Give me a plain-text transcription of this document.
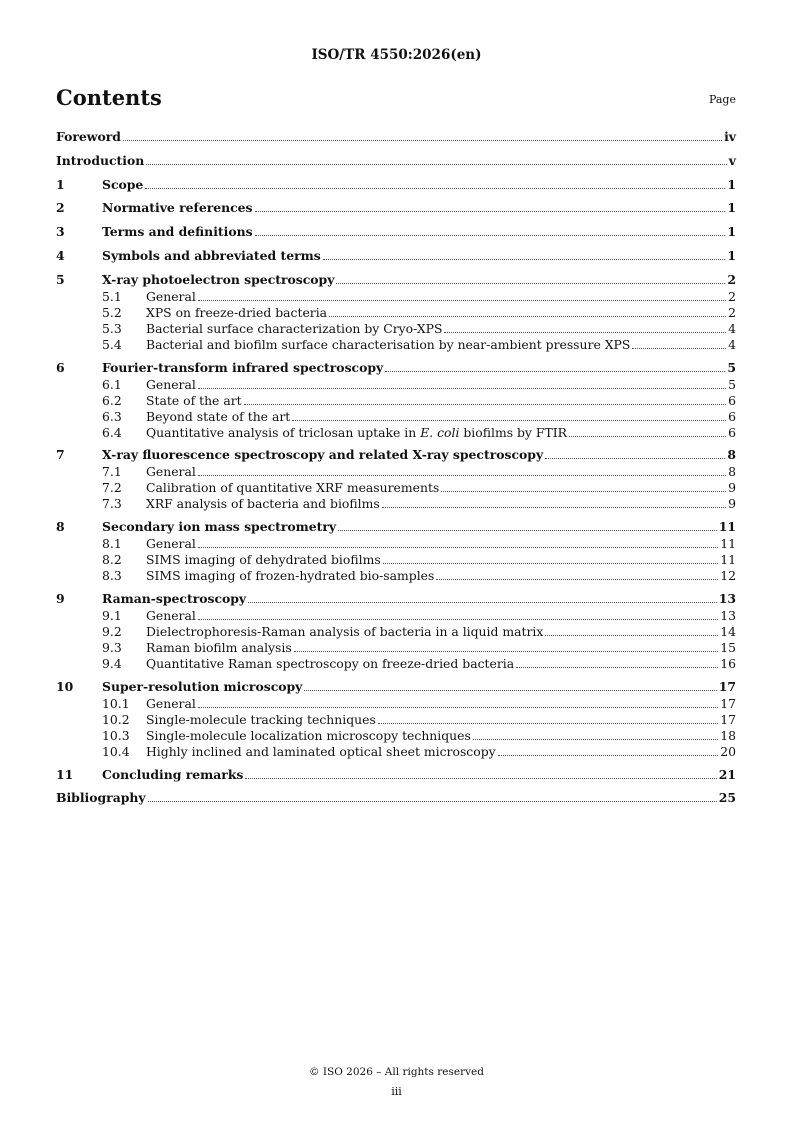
ISO/TR 4550:2026(en)
Contents	Page
Foreword	iv
Introduction	v
1	Scope	1
2	Normative references	1
3	Terms and definitions	1
4	Symbols and abbreviated terms	1
5	X-ray photoelectron spectroscopy	2
5.1	General	2
5.2	XPS on freeze-dried bacteria	2
5.3	Bacterial surface characterization by Cryo-XPS	4
5.4	Bacterial and biofilm surface characterisation by near-ambient pressure XPS	4
6	Fourier-transform infrared spectroscopy	5
6.1	General	5
6.2	State of the art	6
6.3	Beyond state of the art	6
6.4	Quantitative analysis of triclosan uptake in E. coli biofilms by FTIR	6
7	X-ray fluorescence spectroscopy and related X-ray spectroscopy	8
7.1	General	8
7.2	Calibration of quantitative XRF measurements	9
7.3	XRF analysis of bacteria and biofilms	9
8	Secondary ion mass spectrometry	11
8.1	General	11
8.2	SIMS imaging of dehydrated biofilms	11
8.3	SIMS imaging of frozen-hydrated bio-samples	12
9	Raman-spectroscopy	13
9.1	General	13
9.2	Dielectrophoresis-Raman analysis of bacteria in a liquid matrix	14
9.3	Raman biofilm analysis	15
9.4	Quantitative Raman spectroscopy on freeze-dried bacteria	16
10	Super-resolution microscopy	17
10.1	General	17
10.2	Single-molecule tracking techniques	17
10.3	Single-molecule localization microscopy techniques	18
10.4	Highly inclined and laminated optical sheet microscopy	20
11	Concluding remarks	21
Bibliography	25
© ISO 2026 – All rights reserved
iii
